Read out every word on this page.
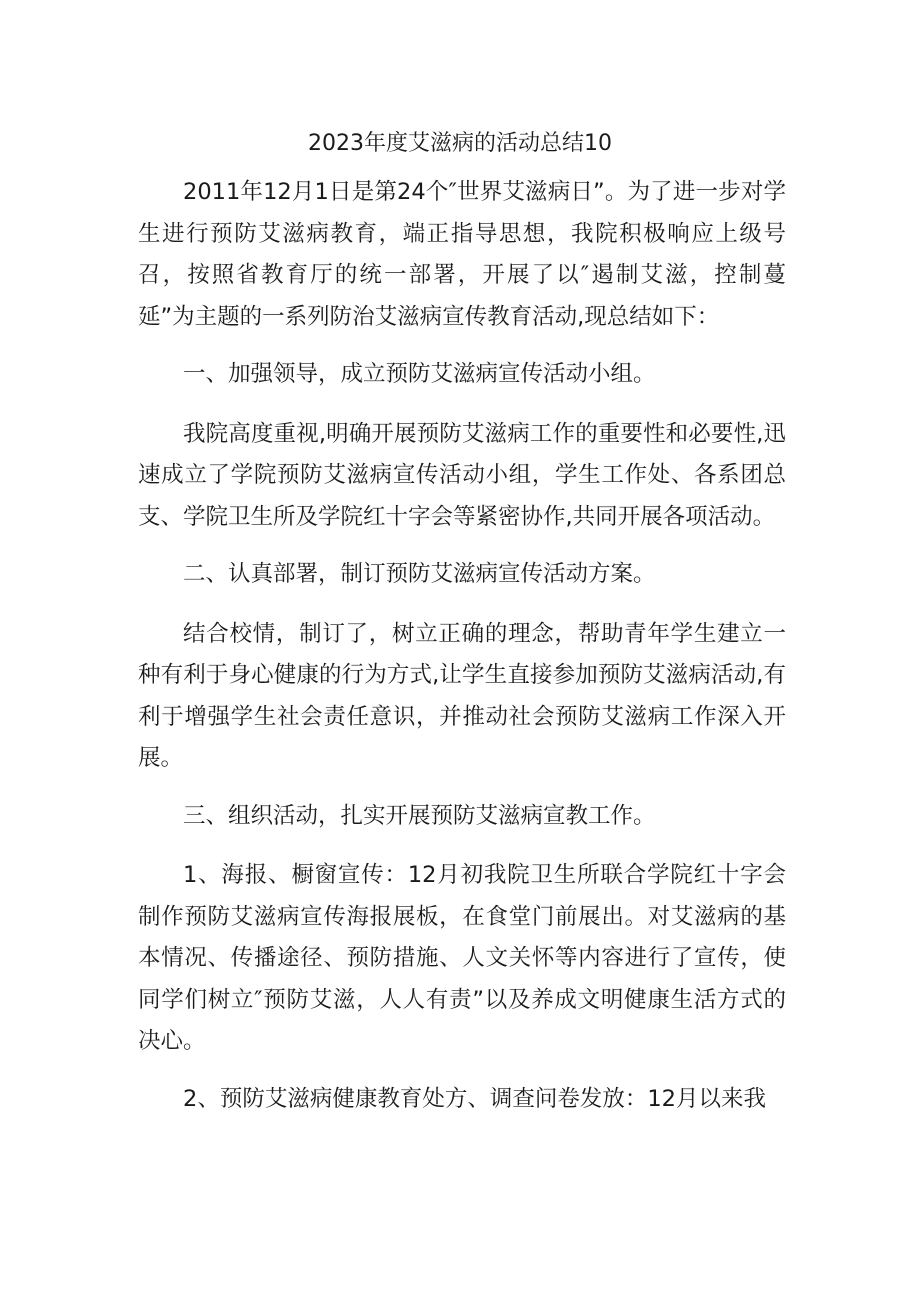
2023年度艾滋病的活动总结10

2011年12月1日是第24个″世界艾滋病日”。为了进一步对学生进行预防艾滋病教育，端正指导思想，我院积极响应上级号召，按照省教育厅的统一部署，开展了以″遏制艾滋，控制蔓延”为主题的一系列防治艾滋病宣传教育活动,现总结如下：

一、加强领导，成立预防艾滋病宣传活动小组。

我院高度重视,明确开展预防艾滋病工作的重要性和必要性,迅速成立了学院预防艾滋病宣传活动小组，学生工作处、各系团总支、学院卫生所及学院红十字会等紧密协作,共同开展各项活动。

二、认真部署，制订预防艾滋病宣传活动方案。

结合校情，制订了，树立正确的理念，帮助青年学生建立一种有利于身心健康的行为方式,让学生直接参加预防艾滋病活动,有利于增强学生社会责任意识，并推动社会预防艾滋病工作深入开展。

三、组织活动，扎实开展预防艾滋病宣教工作。

1、海报、橱窗宣传：12月初我院卫生所联合学院红十字会制作预防艾滋病宣传海报展板，在食堂门前展出。对艾滋病的基本情况、传播途径、预防措施、人文关怀等内容进行了宣传，使同学们树立″预防艾滋，人人有责”以及养成文明健康生活方式的决心。

2、预防艾滋病健康教育处方、调查问卷发放：12月以来我
